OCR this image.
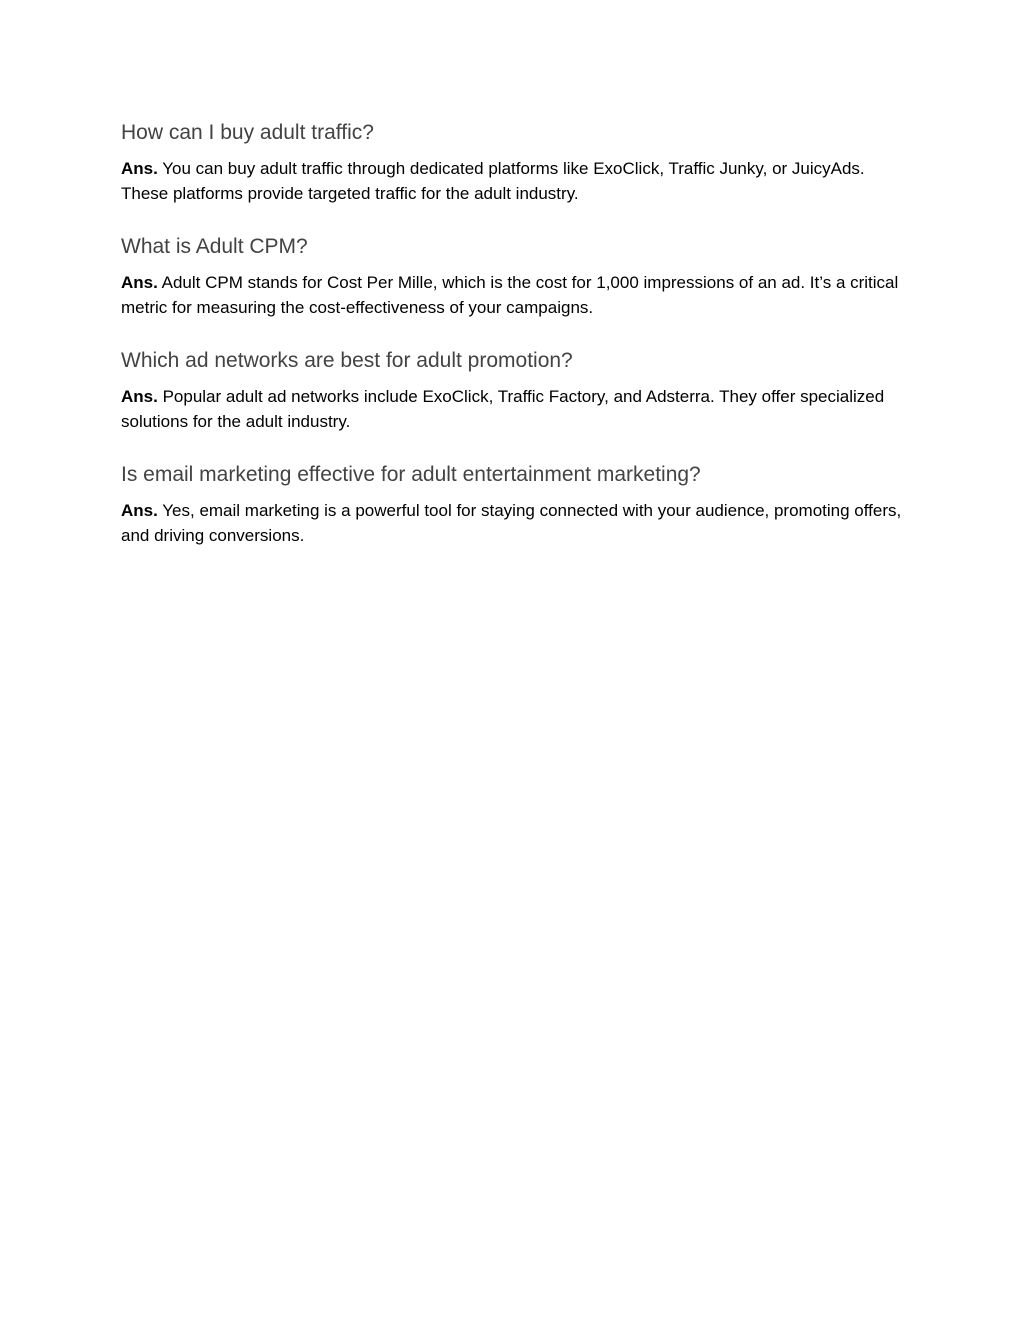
How can I buy adult traffic?

Ans. You can buy adult traffic through dedicated platforms like ExoClick, Traffic Junky, or JuicyAds. These platforms provide targeted traffic for the adult industry.

What is Adult CPM?

Ans. Adult CPM stands for Cost Per Mille, which is the cost for 1,000 impressions of an ad. It’s a critical metric for measuring the cost-effectiveness of your campaigns.

Which ad networks are best for adult promotion?

Ans. Popular adult ad networks include ExoClick, Traffic Factory, and Adsterra. They offer specialized solutions for the adult industry.

Is email marketing effective for adult entertainment marketing?

Ans. Yes, email marketing is a powerful tool for staying connected with your audience, promoting offers, and driving conversions.
